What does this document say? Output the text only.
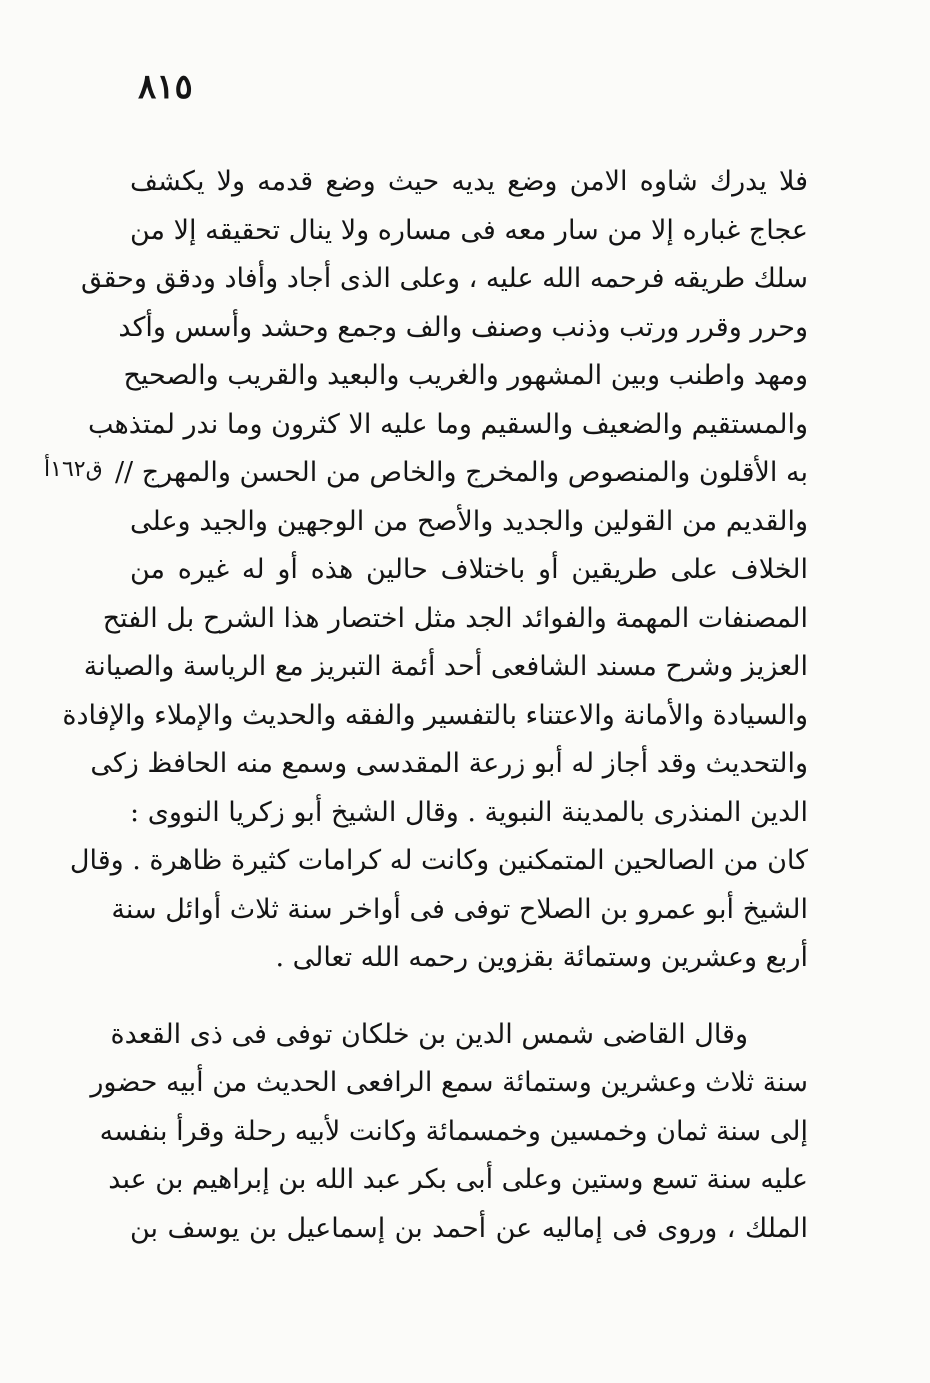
٨١٥
ق١٦٢أ
فلا يدرك شاوه الامن وضع يديه حيث وضع قدمه ولا يكشف
عجاج غباره إلا من سار معه فى مساره ولا ينال تحقيقه إلا من
سلك طريقه فرحمه الله عليه ، وعلى الذى أجاد وأفاد ودقق وحقق
وحرر وقرر ورتب وذنب وصنف والف وجمع وحشد وأسس وأكد
ومهد واطنب وبين المشهور والغريب والبعيد والقريب والصحيح
والمستقيم والضعيف والسقيم وما عليه الا كثرون وما ندر لمتذهب
به الأقلون والمنصوص والمخرج والخاص من الحسن والمهرج //
والقديم من القولين والجديد والأصح من الوجهين والجيد وعلى
الخلاف على طريقين أو باختلاف حالين هذه أو له غيره من
المصنفات المهمة والفوائد الجد مثل اختصار هذا الشرح بل الفتح
العزيز وشرح مسند الشافعى أحد أئمة التبريز مع الرياسة والصيانة
والسيادة والأمانة والاعتناء بالتفسير والفقه والحديث والإملاء والإفادة
والتحديث وقد أجاز له أبو زرعة المقدسى وسمع منه الحافظ زكى
الدين المنذرى بالمدينة النبوية . وقال الشيخ أبو زكريا النووى :
كان من الصالحين المتمكنين وكانت له كرامات كثيرة ظاهرة . وقال
الشيخ أبو عمرو بن الصلاح توفى فى أواخر سنة ثلاث أوائل سنة
أربع وعشرين وستمائة بقزوين رحمه الله تعالى .
وقال القاضى شمس الدين بن خلكان توفى فى ذى القعدة
سنة ثلاث وعشرين وستمائة سمع الرافعى الحديث من أبيه حضور
إلى سنة ثمان وخمسين وخمسمائة وكانت لأبيه رحلة وقرأ بنفسه
عليه سنة تسع وستين وعلى أبى بكر عبد الله بن إبراهيم بن عبد
الملك ، وروى فى إماليه عن أحمد بن إسماعيل بن يوسف بن
